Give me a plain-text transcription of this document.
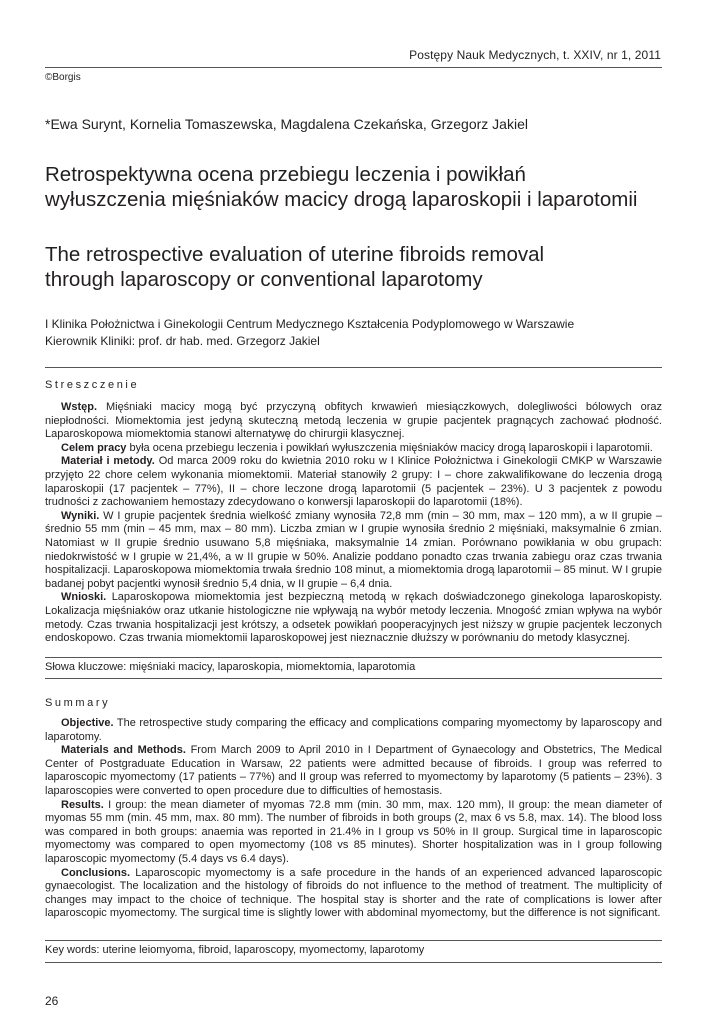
Postępy Nauk Medycznych, t. XXIV, nr 1, 2011
©Borgis
*Ewa Surynt, Kornelia Tomaszewska, Magdalena Czekańska, Grzegorz Jakiel
Retrospektywna ocena przebiegu leczenia i powikłań
wyłuszczenia mięśniaków macicy drogą laparoskopii i laparotomii
The retrospective evaluation of uterine fibroids removal
through laparoscopy or conventional laparotomy
I Klinika Położnictwa i Ginekologii Centrum Medycznego Kształcenia Podyplomowego w Warszawie
Kierownik Kliniki: prof. dr hab. med. Grzegorz Jakiel
Streszczenie

Wstęp. Mięśniaki macicy mogą być przyczyną obfitych krwawień miesiączkowych, dolegliwości bólowych oraz niepłodności. Miomektomia jest jedyną skuteczną metodą leczenia w grupie pacjentek pragnących zachować płodność. Laparoskopowa miomektomia stanowi alternatywę do chirurgii klasycznej.

Celem pracy była ocena przebiegu leczenia i powikłań wyłuszczenia mięśniaków macicy drogą laparoskopii i laparotomii.

Materiał i metody. Od marca 2009 roku do kwietnia 2010 roku w I Klinice Położnictwa i Ginekologii CMKP w Warszawie przyjęto 22 chore celem wykonania miomektomii. Materiał stanowiły 2 grupy: I – chore zakwalifikowane do leczenia drogą laparoskopii (17 pacjentek – 77%), II – chore leczone drogą laparotomii (5 pacjentek – 23%). U 3 pacjentek z powodu trudności z zachowaniem hemostazy zdecydowano o konwersji laparoskopii do laparotomii (18%).

Wyniki. W I grupie pacjentek średnia wielkość zmiany wynosiła 72,8 mm (min – 30 mm, max – 120 mm), a w II grupie – średnio 55 mm (min – 45 mm, max – 80 mm). Liczba zmian w I grupie wynosiła średnio 2 mięśniaki, maksymalnie 6 zmian. Natomiast w II grupie średnio usuwano 5,8 mięśniaka, maksymalnie 14 zmian. Porównano powikłania w obu grupach: niedokrwistość w I grupie w 21,4%, a w II grupie w 50%. Analizie poddano ponadto czas trwania zabiegu oraz czas trwania hospitalizacji. Laparoskopowa miomektomia trwała średnio 108 minut, a miomektomia drogą laparotomii – 85 minut. W I grupie badanej pobyt pacjentki wynosił średnio 5,4 dnia, w II grupie – 6,4 dnia.

Wnioski. Laparoskopowa miomektomia jest bezpieczną metodą w rękach doświadczonego ginekologa laparoskopisty. Lokalizacja mięśniaków oraz utkanie histologiczne nie wpływają na wybór metody leczenia. Mnogość zmian wpływa na wybór metody. Czas trwania hospitalizacji jest krótszy, a odsetek powikłań pooperacyjnych jest niższy w grupie pacjentek leczonych endoskopowo. Czas trwania miomektomii laparoskopowej jest nieznacznie dłuższy w porównaniu do metody klasycznej.

Słowa kluczowe: mięśniaki macicy, laparoskopia, miomektomia, laparotomia
Summary

Objective. The retrospective study comparing the efficacy and complications comparing myomectomy by laparoscopy and laparotomy.

Materials and Methods. From March 2009 to April 2010 in I Department of Gynaecology and Obstetrics, The Medical Center of Postgraduate Education in Warsaw, 22 patients were admitted because of fibroids. I group was referred to laparoscopic myomectomy (17 patients – 77%) and II group was referred to myomectomy by laparotomy (5 patients – 23%). 3 laparoscopies were converted to open procedure due to difficulties of hemostasis.

Results. I group: the mean diameter of myomas 72.8 mm (min. 30 mm, max. 120 mm), II group: the mean diameter of myomas 55 mm (min. 45 mm, max. 80 mm). The number of fibroids in both groups (2, max 6 vs 5.8, max. 14). The blood loss was compared in both groups: anaemia was reported in 21.4% in I group vs 50% in II group. Surgical time in laparoscopic myomectomy was compared to open myomectomy (108 vs 85 minutes). Shorter hospitalization was in I group following laparoscopic myomectomy (5.4 days vs 6.4 days).

Conclusions. Laparoscopic myomectomy is a safe procedure in the hands of an experienced advanced laparoscopic gynaecologist. The localization and the histology of fibroids do not influence to the method of treatment. The multiplicity of changes may impact to the choice of technique. The hospital stay is shorter and the rate of complications is lower after laparoscopic myomectomy. The surgical time is slightly lower with abdominal myomectomy, but the difference is not significant.

Key words: uterine leiomyoma, fibroid, laparoscopy, myomectomy, laparotomy
26
